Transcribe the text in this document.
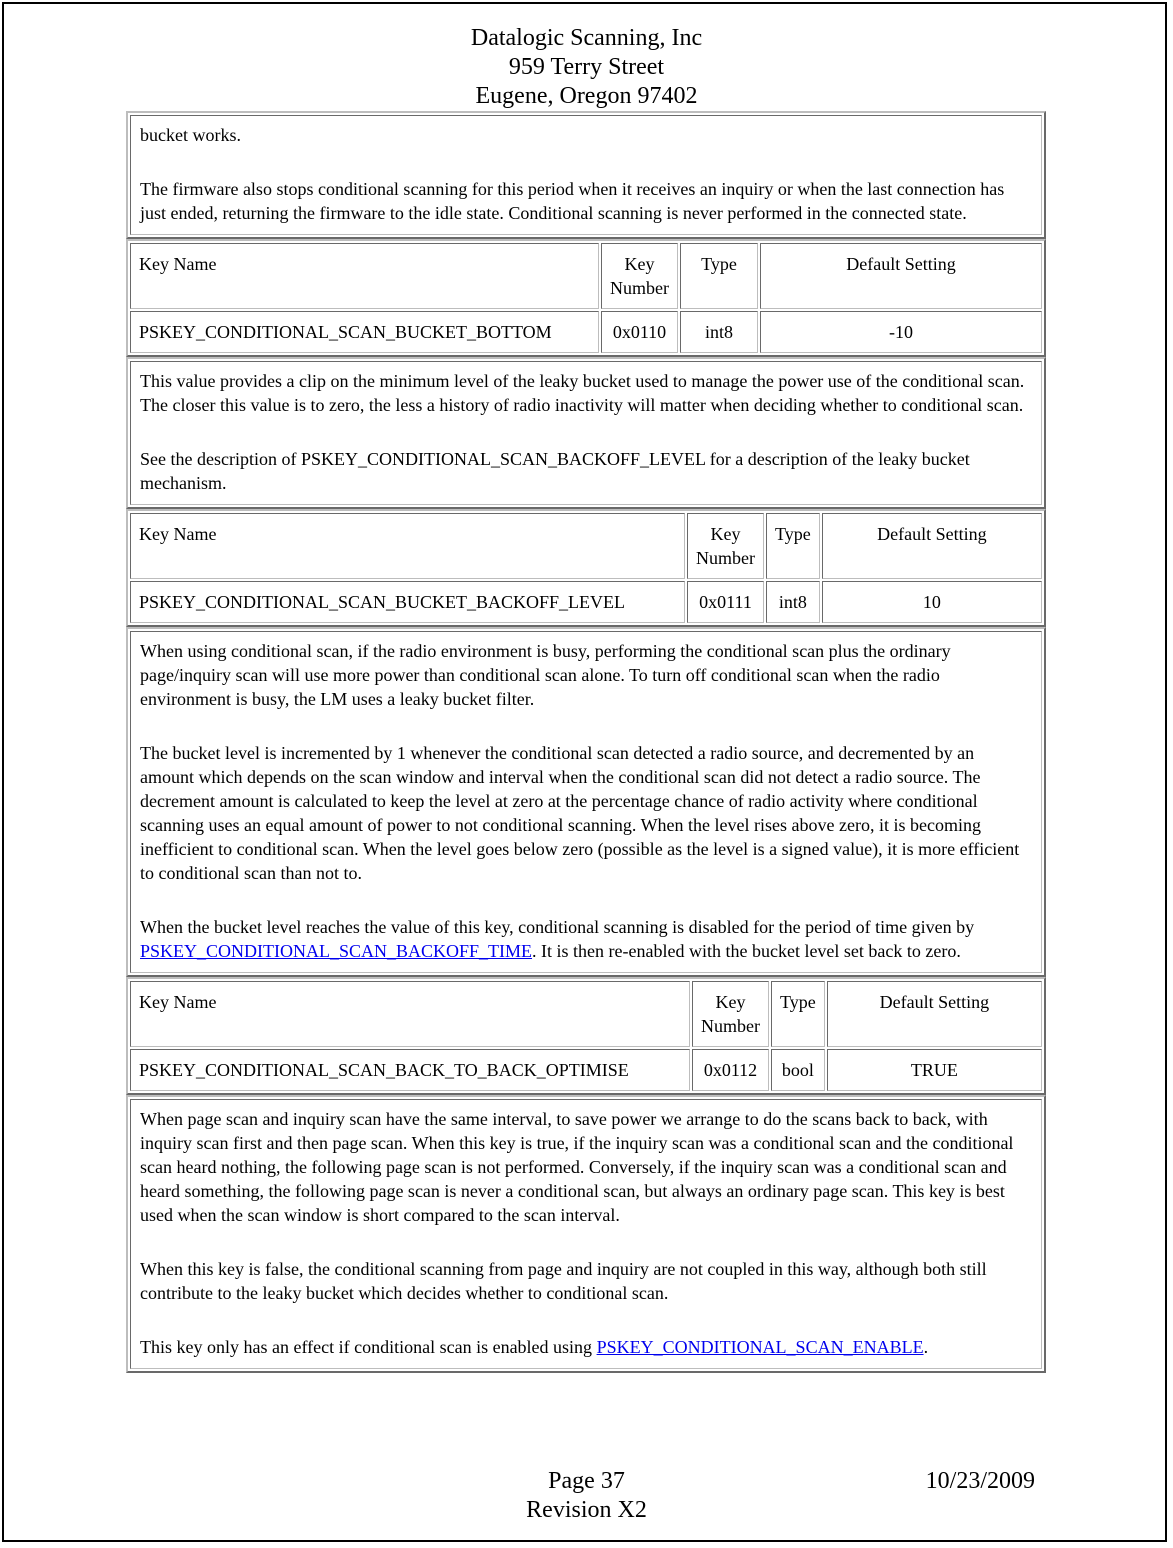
Datalogic Scanning, Inc
959 Terry Street
Eugene, Oregon 97402

bucket works.

The firmware also stops conditional scanning for this period when it receives an inquiry or when the last connection has just ended, returning the firmware to the idle state. Conditional scanning is never performed in the connected state.

Key Name	Key Number	Type	Default Setting
PSKEY_CONDITIONAL_SCAN_BUCKET_BOTTOM	0x0110	int8	-10

This value provides a clip on the minimum level of the leaky bucket used to manage the power use of the conditional scan. The closer this value is to zero, the less a history of radio inactivity will matter when deciding whether to conditional scan.

See the description of PSKEY_CONDITIONAL_SCAN_BACKOFF_LEVEL for a description of the leaky bucket mechanism.

Key Name	Key Number	Type	Default Setting
PSKEY_CONDITIONAL_SCAN_BUCKET_BACKOFF_LEVEL	0x0111	int8	10

When using conditional scan, if the radio environment is busy, performing the conditional scan plus the ordinary page/inquiry scan will use more power than conditional scan alone. To turn off conditional scan when the radio environment is busy, the LM uses a leaky bucket filter.

The bucket level is incremented by 1 whenever the conditional scan detected a radio source, and decremented by an amount which depends on the scan window and interval when the conditional scan did not detect a radio source. The decrement amount is calculated to keep the level at zero at the percentage chance of radio activity where conditional scanning uses an equal amount of power to not conditional scanning. When the level rises above zero, it is becoming inefficient to conditional scan. When the level goes below zero (possible as the level is a signed value), it is more efficient to conditional scan than not to.

When the bucket level reaches the value of this key, conditional scanning is disabled for the period of time given by PSKEY_CONDITIONAL_SCAN_BACKOFF_TIME. It is then re-enabled with the bucket level set back to zero.

Key Name	Key Number	Type	Default Setting
PSKEY_CONDITIONAL_SCAN_BACK_TO_BACK_OPTIMISE	0x0112	bool	TRUE

When page scan and inquiry scan have the same interval, to save power we arrange to do the scans back to back, with inquiry scan first and then page scan. When this key is true, if the inquiry scan was a conditional scan and the conditional scan heard nothing, the following page scan is not performed. Conversely, if the inquiry scan was a conditional scan and heard something, the following page scan is never a conditional scan, but always an ordinary page scan. This key is best used when the scan window is short compared to the scan interval.

When this key is false, the conditional scanning from page and inquiry are not coupled in this way, although both still contribute to the leaky bucket which decides whether to conditional scan.

This key only has an effect if conditional scan is enabled using PSKEY_CONDITIONAL_SCAN_ENABLE.

Page 37	10/23/2009
Revision X2
